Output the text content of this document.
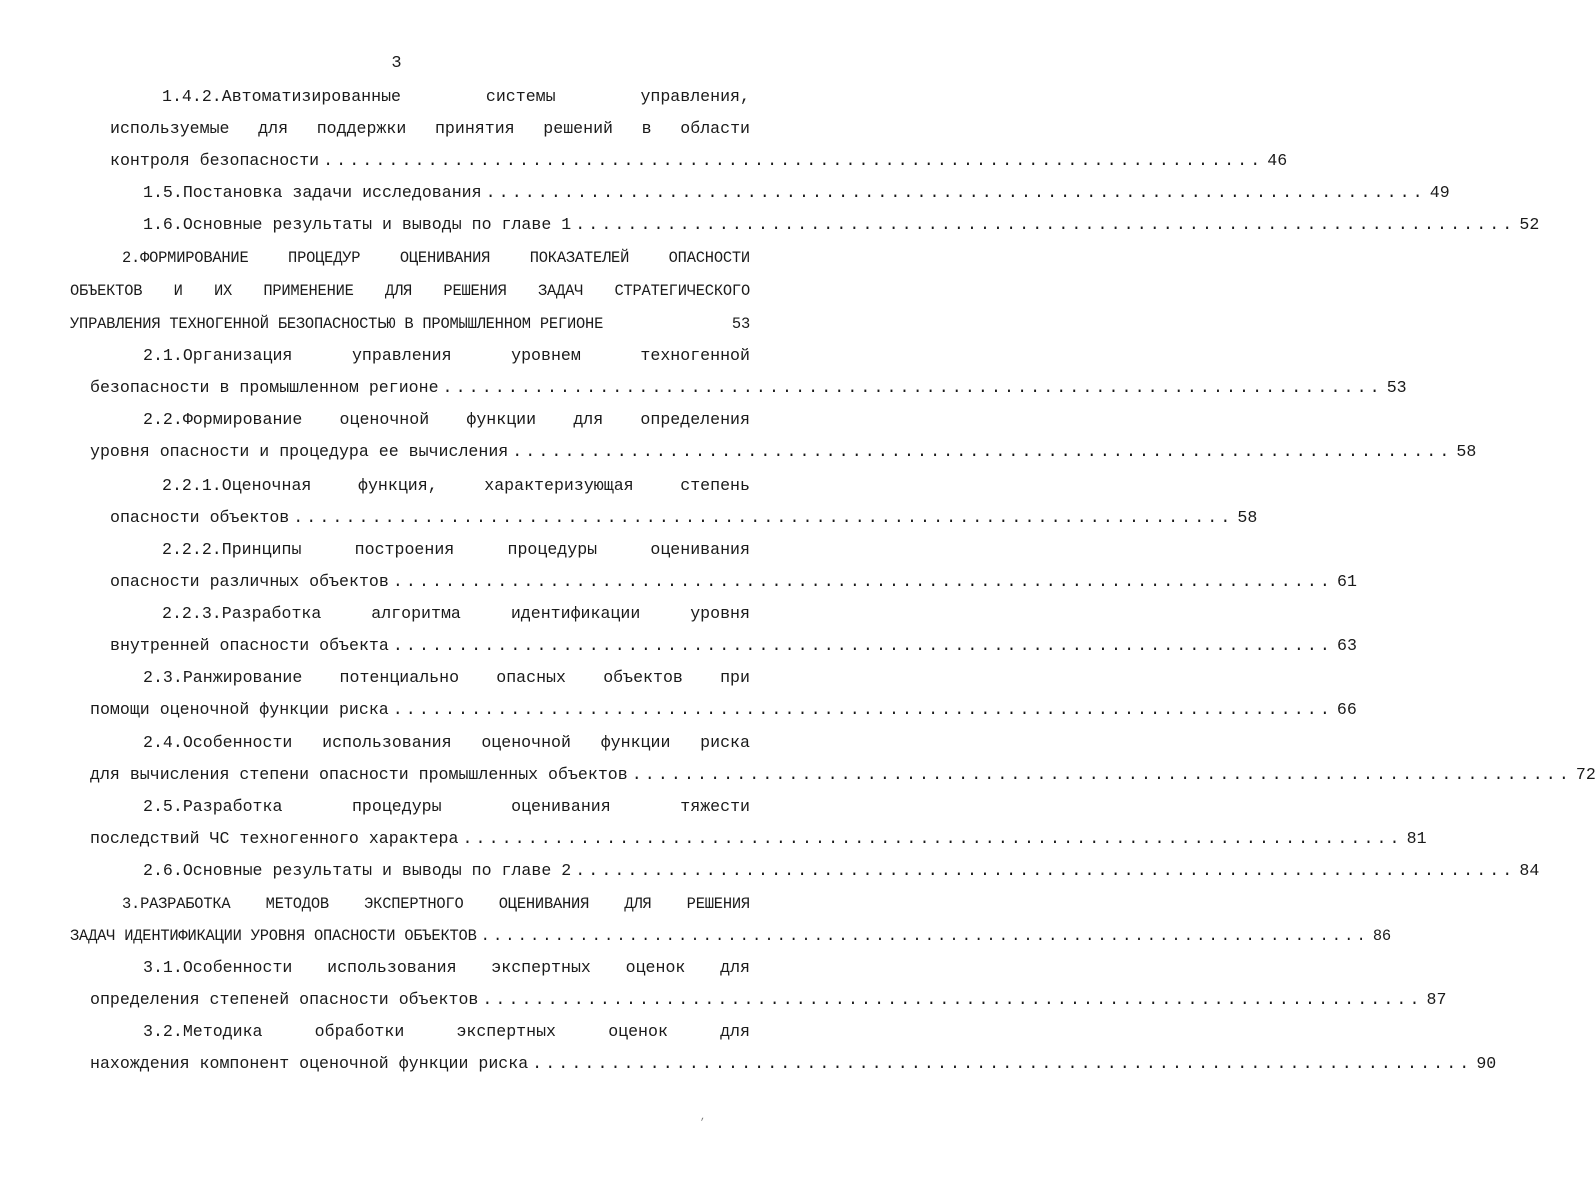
3
1.4.2.Автоматизированные	системы	управления,
используемые для поддержки принятия решений в области
контроля безопасности ........................................................................ 46
1.5.Постановка задачи исследования ........................................................................ 49
1.6.Основные результаты и выводы по главе 1 ........................................................................ 52
2.ФОРМИРОВАНИЕ	ПРОЦЕДУР	ОЦЕНИВАНИЯ	ПОКАЗАТЕЛЕЙ	ОПАСНОСТИ
ОБЪЕКТОВ И ИХ ПРИМЕНЕНИЕ ДЛЯ РЕШЕНИЯ ЗАДАЧ СТРАТЕГИЧЕСКОГО
УПРАВЛЕНИЯ ТЕХНОГЕННОЙ БЕЗОПАСНОСТЬЮ В ПРОМЫШЛЕННОМ РЕГИОНЕ	53
2.1.Организация	управления	уровнем	техногенной
безопасности в промышленном регионе ........................................................................ 53
2.2.Формирование оценочной функции для определения
уровня опасности и процедура ее вычисления ........................................................................ 58
2.2.1.Оценочная	функция,	характеризующая	степень
опасности объектов ........................................................................ 58
2.2.2.Принципы	построения	процедуры	оценивания
опасности различных объектов ........................................................................ 61
2.2.3.Разработка	алгоритма	идентификации	уровня
внутренней опасности объекта ........................................................................ 63
2.3.Ранжирование потенциально опасных объектов при
помощи оценочной функции риска ........................................................................ 66
2.4.Особенности использования оценочной функции риска
для вычисления степени опасности промышленных объектов ........................................................................ 72
2.5.Разработка	процедуры	оценивания	тяжести
последствий ЧС техногенного характера ........................................................................ 81
2.6.Основные результаты и выводы по главе 2 ........................................................................ 84
3.РАЗРАБОТКА МЕТОДОВ ЭКСПЕРТНОГО ОЦЕНИВАНИЯ ДЛЯ РЕШЕНИЯ
ЗАДАЧ ИДЕНТИФИКАЦИИ УРОВНЯ ОПАСНОСТИ ОБЪЕКТОВ ........................................................................ 86
3.1.Особенности использования экспертных оценок для
определения степеней опасности объектов ........................................................................ 87
3.2.Методика	обработки	экспертных	оценок	для
нахождения компонент оценочной функции риска ........................................................................ 90
,
